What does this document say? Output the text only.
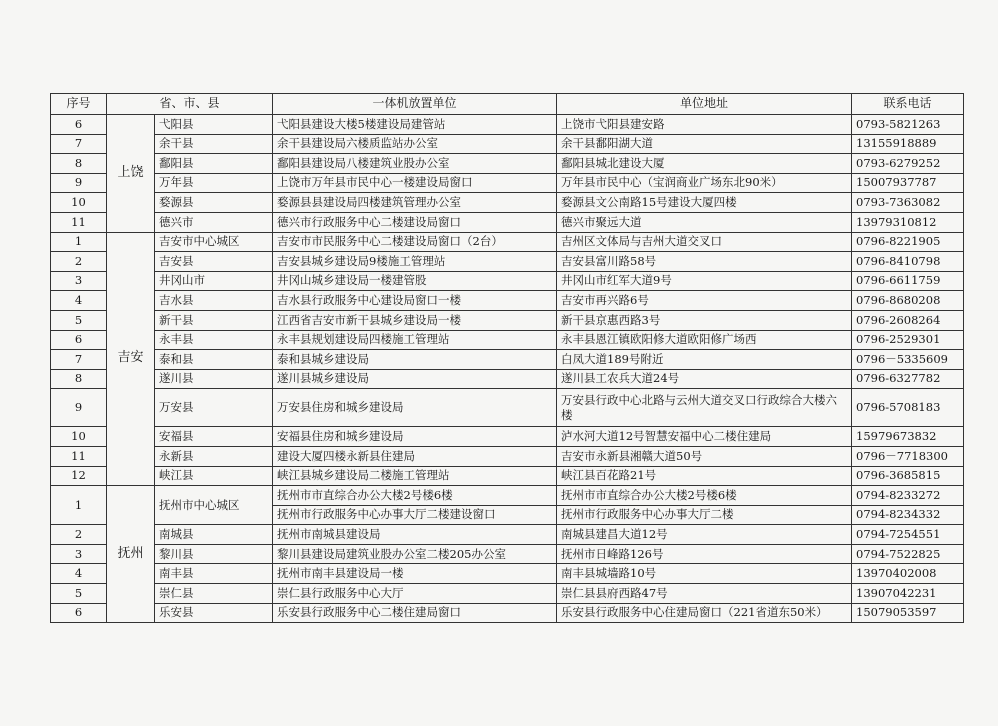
序号	省、市、县		一体机放置单位	单位地址	联系电话
6	上饶	弋阳县	弋阳县建设大楼5楼建设局建管站	上饶市弋阳县建安路	0793-5821263
7		余干县	余干县建设局六楼质监站办公室	余干县鄱阳湖大道	13155918889
8		鄱阳县	鄱阳县建设局八楼建筑业股办公室	鄱阳县城北建设大厦	0793-6279252
9		万年县	上饶市万年县市民中心一楼建设局窗口	万年县市民中心（宝润商业广场东北90米）	15007937787
10		婺源县	婺源县县建设局四楼建筑管理办公室	婺源县文公南路15号建设大厦四楼	0793-7363082
11		德兴市	德兴市行政服务中心二楼建设局窗口	德兴市聚远大道	13979310812
1	吉安	吉安市中心城区	吉安市市民服务中心二楼建设局窗口（2台）	吉州区文体局与吉州大道交叉口	0796-8221905
2		吉安县	吉安县城乡建设局9楼施工管理站	吉安县富川路58号	0796-8410798
3		井冈山市	井冈山城乡建设局一楼建管股	井冈山市红军大道9号	0796-6611759
4		吉水县	吉水县行政服务中心建设局窗口一楼	吉安市再兴路6号	0796-8680208
5		新干县	江西省吉安市新干县城乡建设局一楼	新干县京惠西路3号	0796-2608264
6		永丰县	永丰县规划建设局四楼施工管理站	永丰县恩江镇欧阳修大道欧阳修广场西	0796-2529301
7		泰和县	泰和县城乡建设局	白凤大道189号附近	0796－5335609
8		遂川县	遂川县城乡建设局	遂川县工农兵大道24号	0796-6327782
9		万安县	万安县住房和城乡建设局	万安县行政中心北路与云州大道交叉口行政综合大楼六楼	0796-5708183
10		安福县	安福县住房和城乡建设局	泸水河大道12号智慧安福中心二楼住建局	15979673832
11		永新县	建设大厦四楼永新县住建局	吉安市永新县湘赣大道50号	0796－7718300
12		峡江县	峡江县城乡建设局二楼施工管理站	峡江县百花路21号	0796-3685815
1	抚州	抚州市中心城区	抚州市市直综合办公大楼2号楼6楼	抚州市市直综合办公大楼2号楼6楼	0794-8233272
			抚州市行政服务中心办事大厅二楼建设窗口	抚州市行政服务中心办事大厅二楼	0794-8234332
2		南城县	抚州市南城县建设局	南城县建昌大道12号	0794-7254551
3		黎川县	黎川县建设局建筑业股办公室二楼205办公室	抚州市日峰路126号	0794-7522825
4		南丰县	抚州市南丰县建设局一楼	南丰县城墙路10号	13970402008
5		崇仁县	崇仁县行政服务中心大厅	崇仁县县府西路47号	13907042231
6		乐安县	乐安县行政服务中心二楼住建局窗口	乐安县行政服务中心住建局窗口（221省道东50米）	15079053597
